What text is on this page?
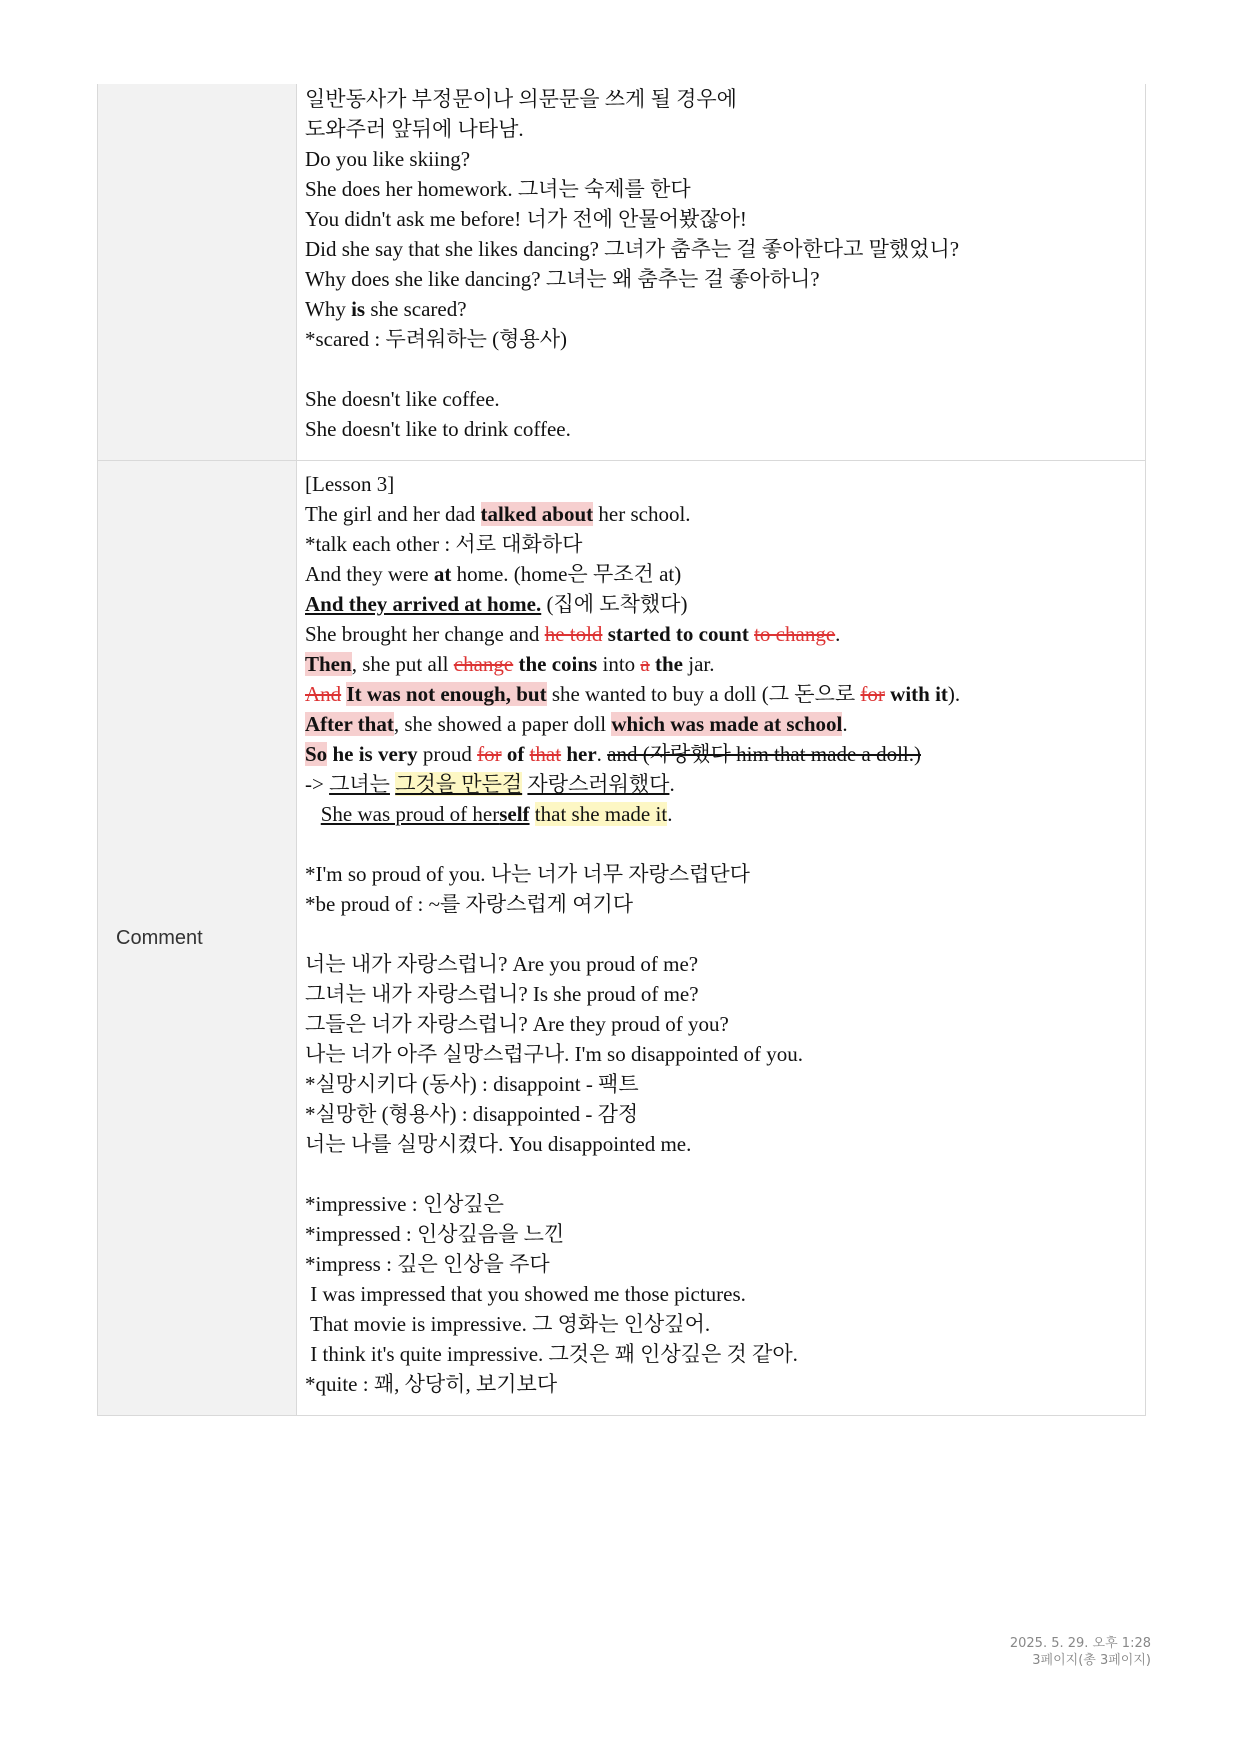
일반동사가 부정문이나 의문문을 쓰게 될 경우에
도와주러 앞뒤에 나타남.
Do you like skiing?
She does her homework. 그녀는 숙제를 한다
You didn't ask me before! 너가 전에 안물어봤잖아!
Did she say that she likes dancing? 그녀가 춤추는 걸 좋아한다고 말했었니?
Why does she like dancing? 그녀는 왜 춤추는 걸 좋아하니?
Why is she scared?
*scared : 두려워하는 (형용사)
She doesn't like coffee.
She doesn't like to drink coffee.
Comment
[Lesson 3]
The girl and her dad talked about her school.
*talk each other : 서로 대화하다
And they were at home. (home은 무조건 at)
And they arrived at home. (집에 도착했다)
She brought her change and he told started to count to change.
Then, she put all change the coins into a the jar.
And It was not enough, but she wanted to buy a doll (그 돈으로 for with it).
After that, she showed a paper doll which was made at school.
So he is very proud for of that her. and (자랑했다 him that made a doll.)
-> 그녀는 그것을 만든걸 자랑스러워했다.
She was proud of herself that she made it.
*I'm so proud of you. 나는 너가 너무 자랑스럽단다
*be proud of : ~를 자랑스럽게 여기다
너는 내가 자랑스럽니? Are you proud of me?
그녀는 내가 자랑스럽니? Is she proud of me?
그들은 너가 자랑스럽니? Are they proud of you?
나는 너가 아주 실망스럽구나. I'm so disappointed of you.
*실망시키다 (동사) : disappoint - 팩트
*실망한 (형용사) : disappointed - 감정
너는 나를 실망시켰다. You disappointed me.
*impressive : 인상깊은
*impressed : 인상깊음을 느낀
*impress : 깊은 인상을 주다
I was impressed that you showed me those pictures.
That movie is impressive. 그 영화는 인상깊어.
I think it's quite impressive. 그것은 꽤 인상깊은 것 같아.
*quite : 꽤, 상당히, 보기보다
2025. 5. 29. 오후 1:28
3페이지(총 3페이지)
